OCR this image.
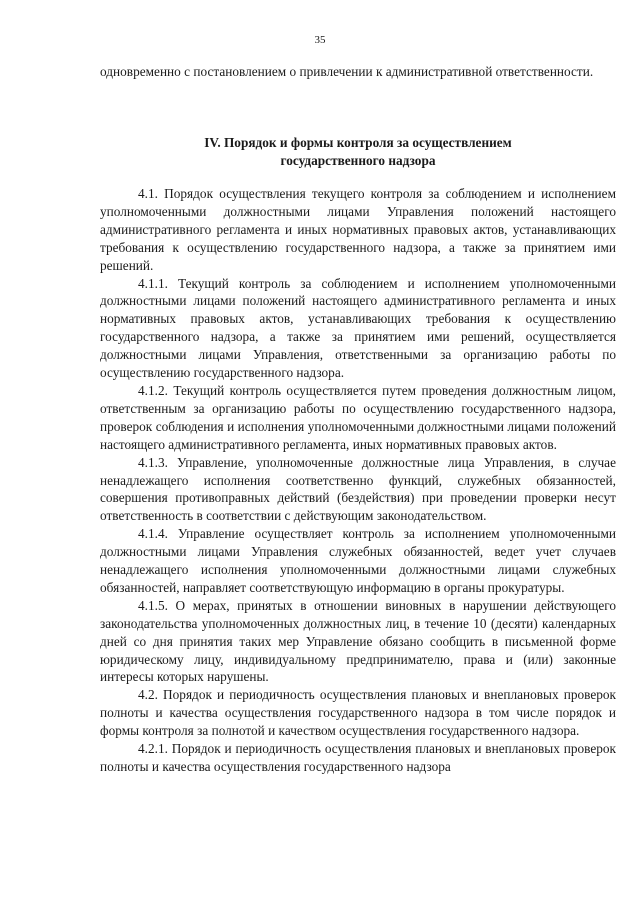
35

одновременно с постановлением о привлечении к административной ответственности.

IV. Порядок и формы контроля за осуществлением
государственного надзора

4.1. Порядок осуществления текущего контроля за соблюдением и исполнением уполномоченными должностными лицами Управления положений настоящего административного регламента и иных нормативных правовых актов, устанавливающих требования к осуществлению государственного надзора, а также за принятием ими решений.

4.1.1. Текущий контроль за соблюдением и исполнением уполномоченными должностными лицами положений настоящего административного регламента и иных нормативных правовых актов, устанавливающих требования к осуществлению государственного надзора, а также за принятием ими решений, осуществляется должностными лицами Управления, ответственными за организацию работы по осуществлению государственного надзора.

4.1.2. Текущий контроль осуществляется путем проведения должностным лицом, ответственным за организацию работы по осуществлению государственного надзора, проверок соблюдения и исполнения уполномоченными должностными лицами положений настоящего административного регламента, иных нормативных правовых актов.

4.1.3. Управление, уполномоченные должностные лица Управления, в случае ненадлежащего исполнения соответственно функций, служебных обязанностей, совершения противоправных действий (бездействия) при проведении проверки несут ответственность в соответствии с действующим законодательством.

4.1.4. Управление осуществляет контроль за исполнением уполномоченными должностными лицами Управления служебных обязанностей, ведет учет случаев ненадлежащего исполнения уполномоченными должностными лицами служебных обязанностей, направляет соответствующую информацию в органы прокуратуры.

4.1.5. О мерах, принятых в отношении виновных в нарушении действующего законодательства уполномоченных должностных лиц, в течение 10 (десяти) календарных дней со дня принятия таких мер Управление обязано сообщить в письменной форме юридическому лицу, индивидуальному предпринимателю, права и (или) законные интересы которых нарушены.

4.2. Порядок и периодичность осуществления плановых и внеплановых проверок полноты и качества осуществления государственного надзора в том числе порядок и формы контроля за полнотой и качеством осуществления государственного надзора.

4.2.1. Порядок и периодичность осуществления плановых и внеплановых проверок полноты и качества осуществления государственного надзора
